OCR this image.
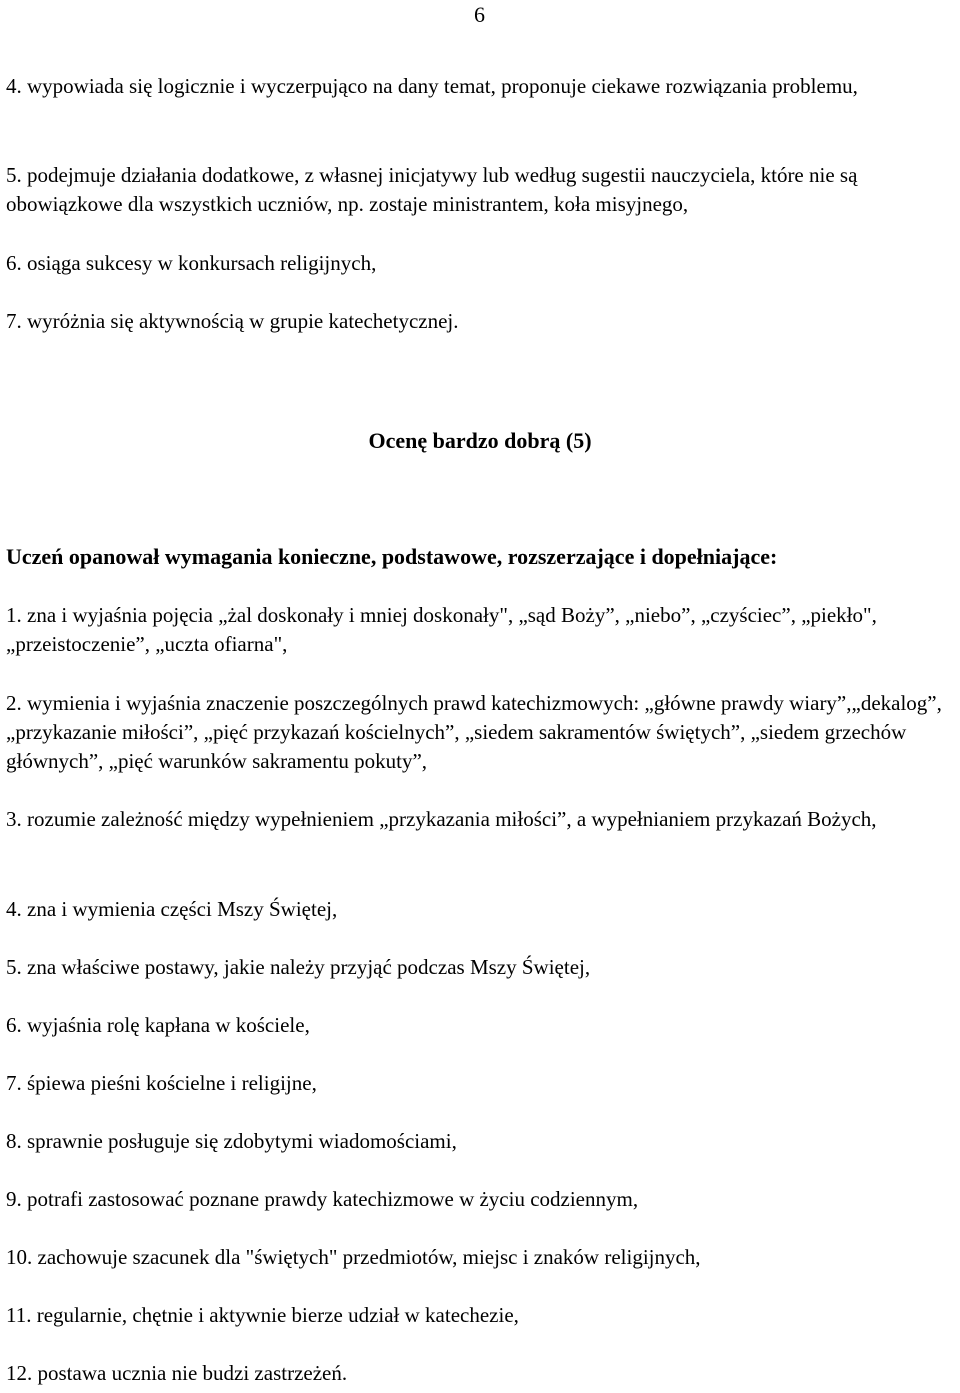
6

4. wypowiada się logicznie i wyczerpująco na dany temat, proponuje ciekawe rozwiązania problemu,

5. podejmuje działania dodatkowe, z własnej inicjatywy lub według sugestii nauczyciela, które nie są obowiązkowe dla wszystkich uczniów, np. zostaje ministrantem, koła misyjnego,

6. osiąga sukcesy w konkursach religijnych,

7. wyróżnia się aktywnością w grupie katechetycznej.

Ocenę bardzo dobrą (5)
Uczeń opanował wymagania konieczne, podstawowe, rozszerzające i dopełniające:

1. zna i wyjaśnia pojęcia „żal doskonały i mniej doskonały", „sąd Boży”, „niebo”, „czyściec”, „piekło",„przeistoczenie”, „uczta ofiarna",

2. wymienia i wyjaśnia znaczenie poszczególnych prawd katechizmowych: „główne prawdy wiary”,„dekalog”, „przykazanie miłości”, „pięć przykazań kościelnych”, „siedem sakramentów świętych”, „siedem grzechów głównych”, „pięć warunków sakramentu pokuty”,

3. rozumie zależność między wypełnieniem „przykazania miłości”, a wypełnianiem przykazań Bożych,

4. zna i wymienia części Mszy Świętej,

5. zna właściwe postawy, jakie należy przyjąć podczas Mszy Świętej,

6. wyjaśnia rolę kapłana w kościele,

7. śpiewa pieśni kościelne i religijne,

8. sprawnie posługuje się zdobytymi wiadomościami,

9. potrafi zastosować poznane prawdy katechizmowe w życiu codziennym,

10. zachowuje szacunek dla "świętych" przedmiotów, miejsc i znaków religijnych,

11. regularnie, chętnie i aktywnie bierze udział w katechezie,

12. postawa ucznia nie budzi zastrzeżeń.
